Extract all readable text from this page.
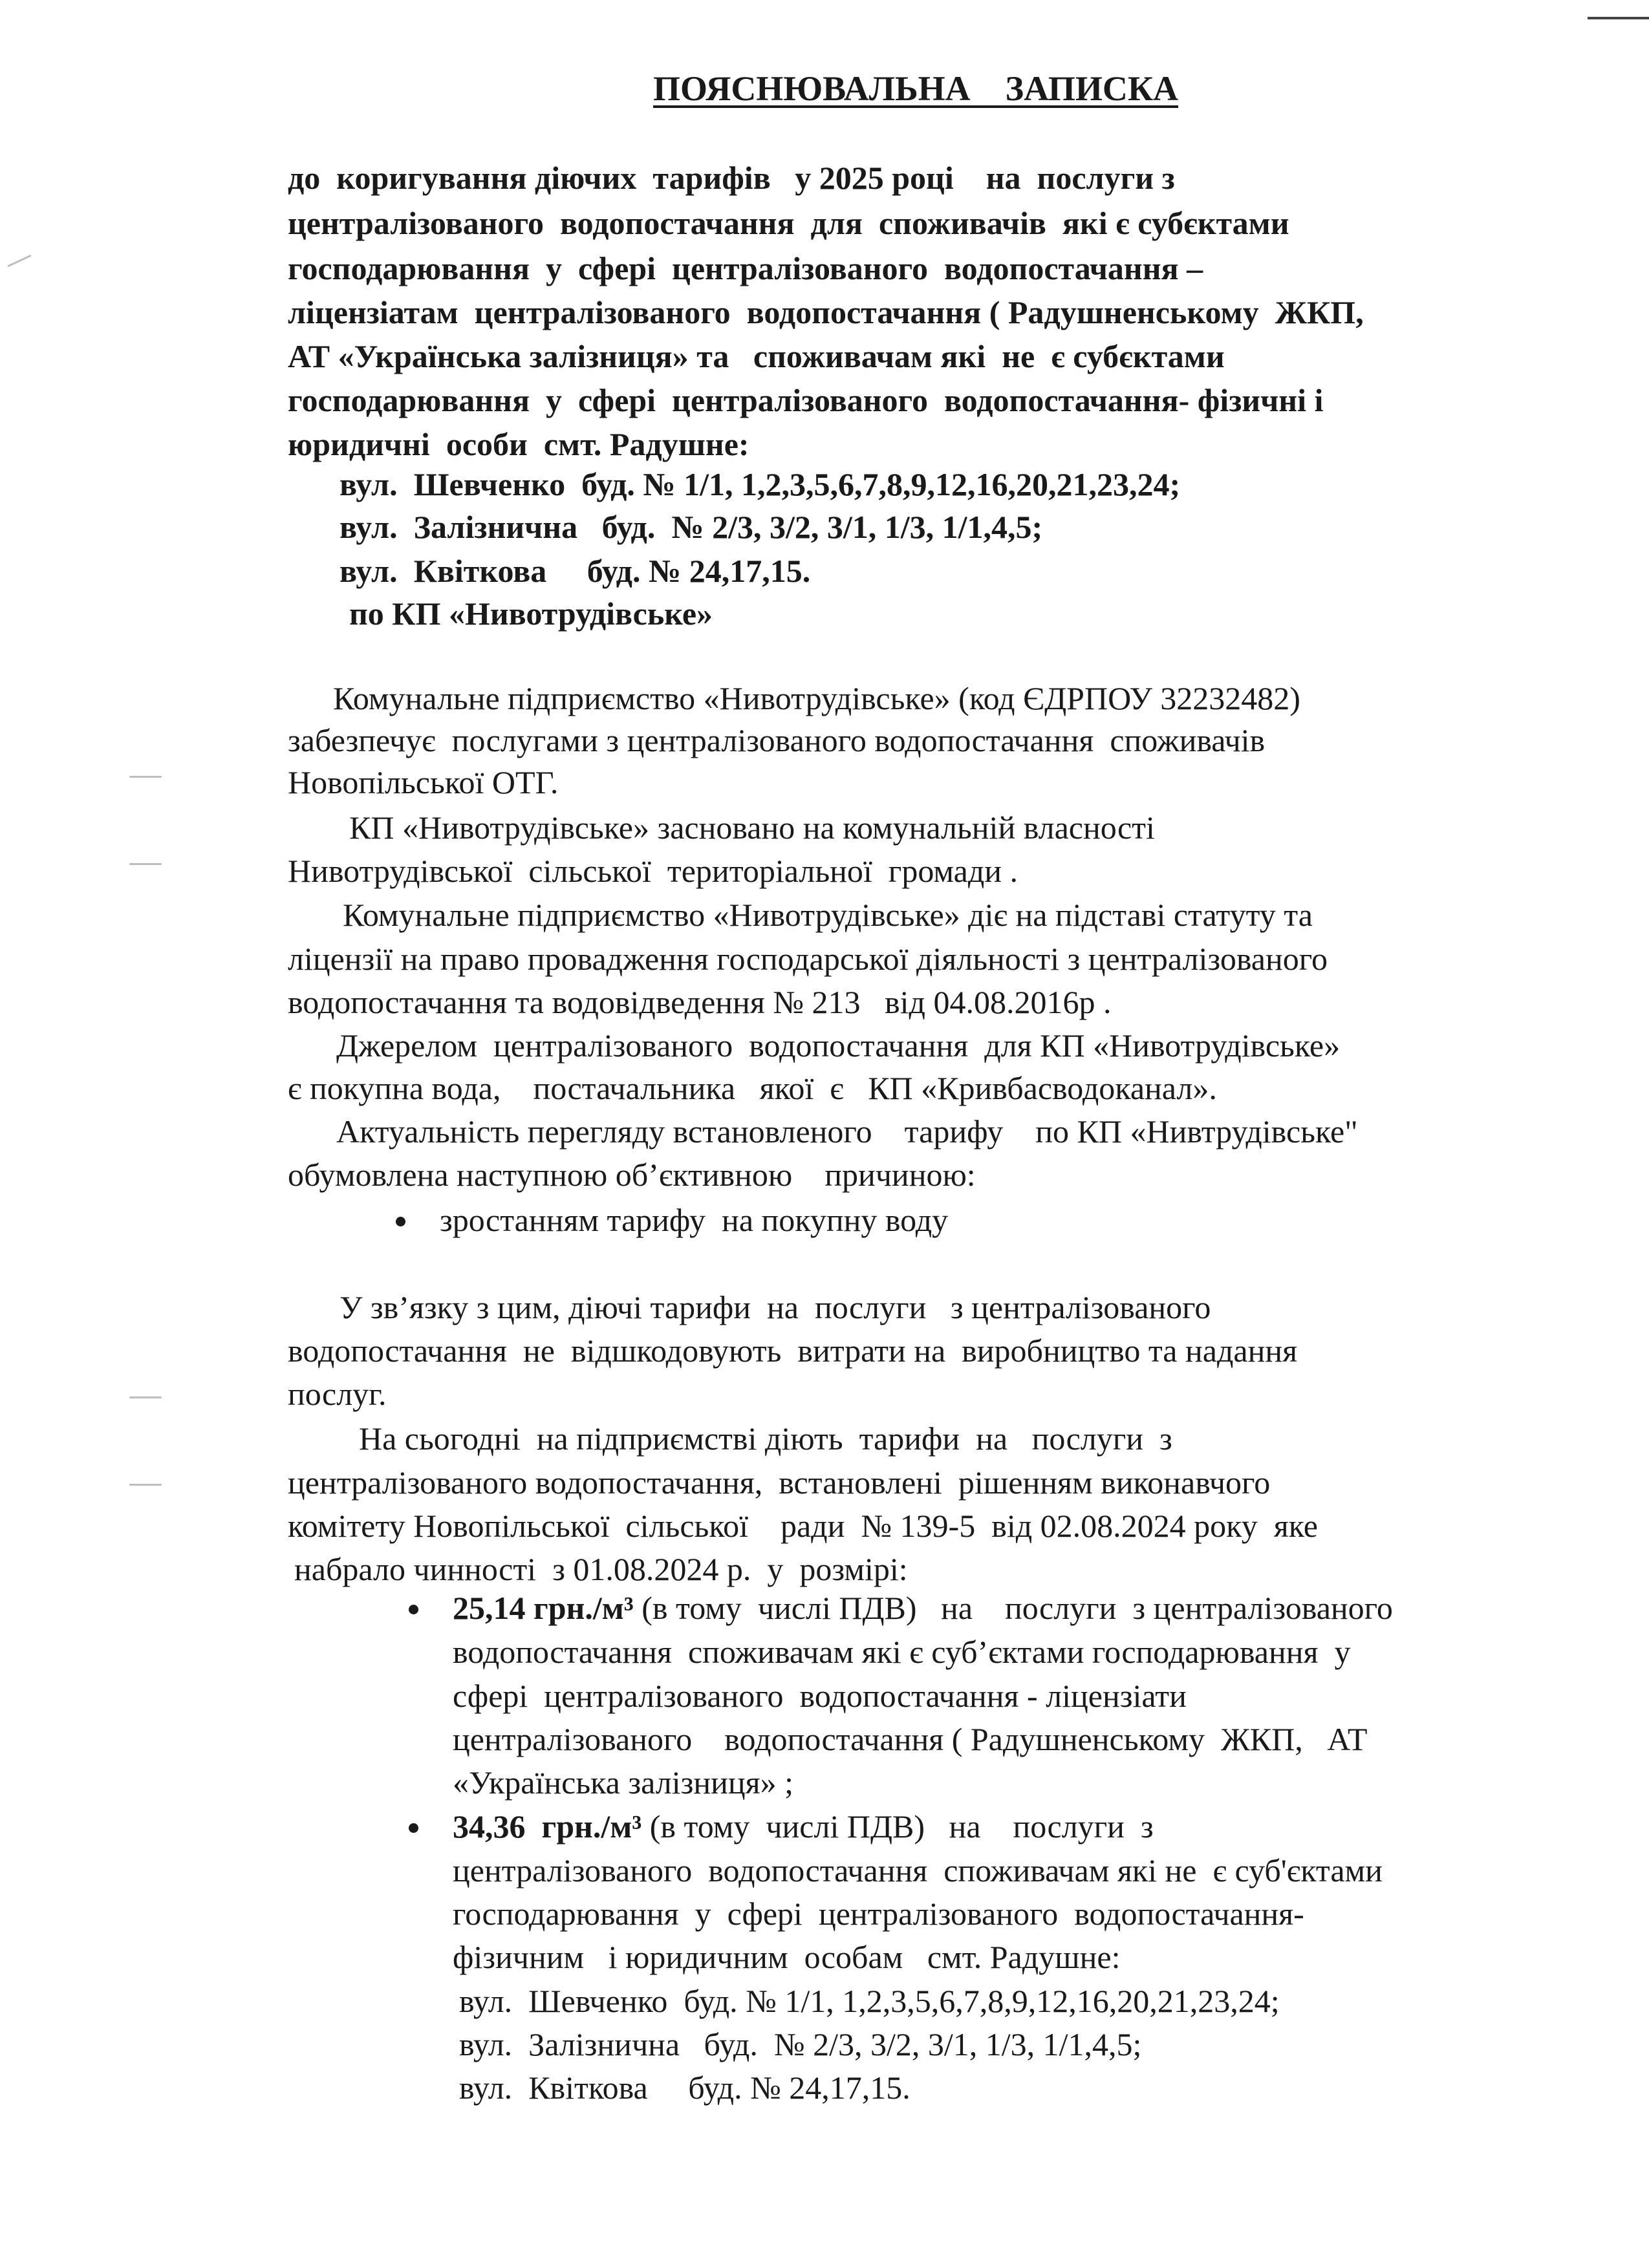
ПОЯСНЮВАЛЬНА    ЗАПИСКА
до  коригування діючих  тарифів   у 2025 році    на  послуги з
централізованого  водопостачання  для  споживачів  які є субєктами
господарювання  у  сфері  централізованого  водопостачання –
ліцензіатам  централізованого  водопостачання ( Радушненському  ЖКП,
АТ «Українська залізниця» та   споживачам які  не  є субєктами
господарювання  у  сфері  централізованого  водопостачання- фізичні і
юридичні  особи  смт. Радушне:
вул.  Шевченко  буд. № 1/1, 1,2,3,5,6,7,8,9,12,16,20,21,23,24;
вул.  Залізнична   буд.  № 2/3, 3/2, 3/1, 1/3, 1/1,4,5;
вул.  Квіткова     буд. № 24,17,15.
по КП «Нивотрудівське»
Комунальне підприємство «Нивотрудівське» (код ЄДРПОУ 32232482)
забезпечує  послугами з централізованого водопостачання  споживачів
Новопільської ОТГ.
КП «Нивотрудівське» засновано на комунальній власності
Нивотрудівської  сільської  територіальної  громади .
Комунальне підприємство «Нивотрудівське» діє на підставі статуту та
ліцензії на право провадження господарської діяльності з централізованого
водопостачання та водовідведення № 213   від 04.08.2016р .
Джерелом  централізованого  водопостачання  для КП «Нивотрудівське»
є покупна вода,    постачальника   якої  є   КП «Кривбасводоканал».
Актуальність перегляду встановленого    тарифу    по КП «Нивтрудівське"
обумовлена наступною об’єктивною    причиною:
зростанням тарифу  на покупну воду
У зв’язку з цим, діючі тарифи  на  послуги   з централізованого
водопостачання  не  відшкодовують  витрати на  виробництво та надання
послуг.
На сьогодні  на підприємстві діють  тарифи  на   послуги  з
централізованого водопостачання,  встановлені  рішенням виконавчого
комітету Новопільської  сільської    ради  № 139-5  від 02.08.2024 року  яке
набрало чинності  з 01.08.2024 р.  у  розмірі:
25,14 грн./м³ (в тому  числі ПДВ)   на    послуги  з централізованого
водопостачання  споживачам які є суб’єктами господарювання  у
сфері  централізованого  водопостачання - ліцензіати
централізованого    водопостачання ( Радушненському  ЖКП,   АТ
«Українська залізниця» ;
34,36  грн./м³ (в тому  числі ПДВ)   на    послуги  з
централізованого  водопостачання  споживачам які не  є суб'єктами
господарювання  у  сфері  централізованого  водопостачання-
фізичним   і юридичним  особам   смт. Радушне:
вул.  Шевченко  буд. № 1/1, 1,2,3,5,6,7,8,9,12,16,20,21,23,24;
вул.  Залізнична   буд.  № 2/3, 3/2, 3/1, 1/3, 1/1,4,5;
вул.  Квіткова     буд. № 24,17,15.
